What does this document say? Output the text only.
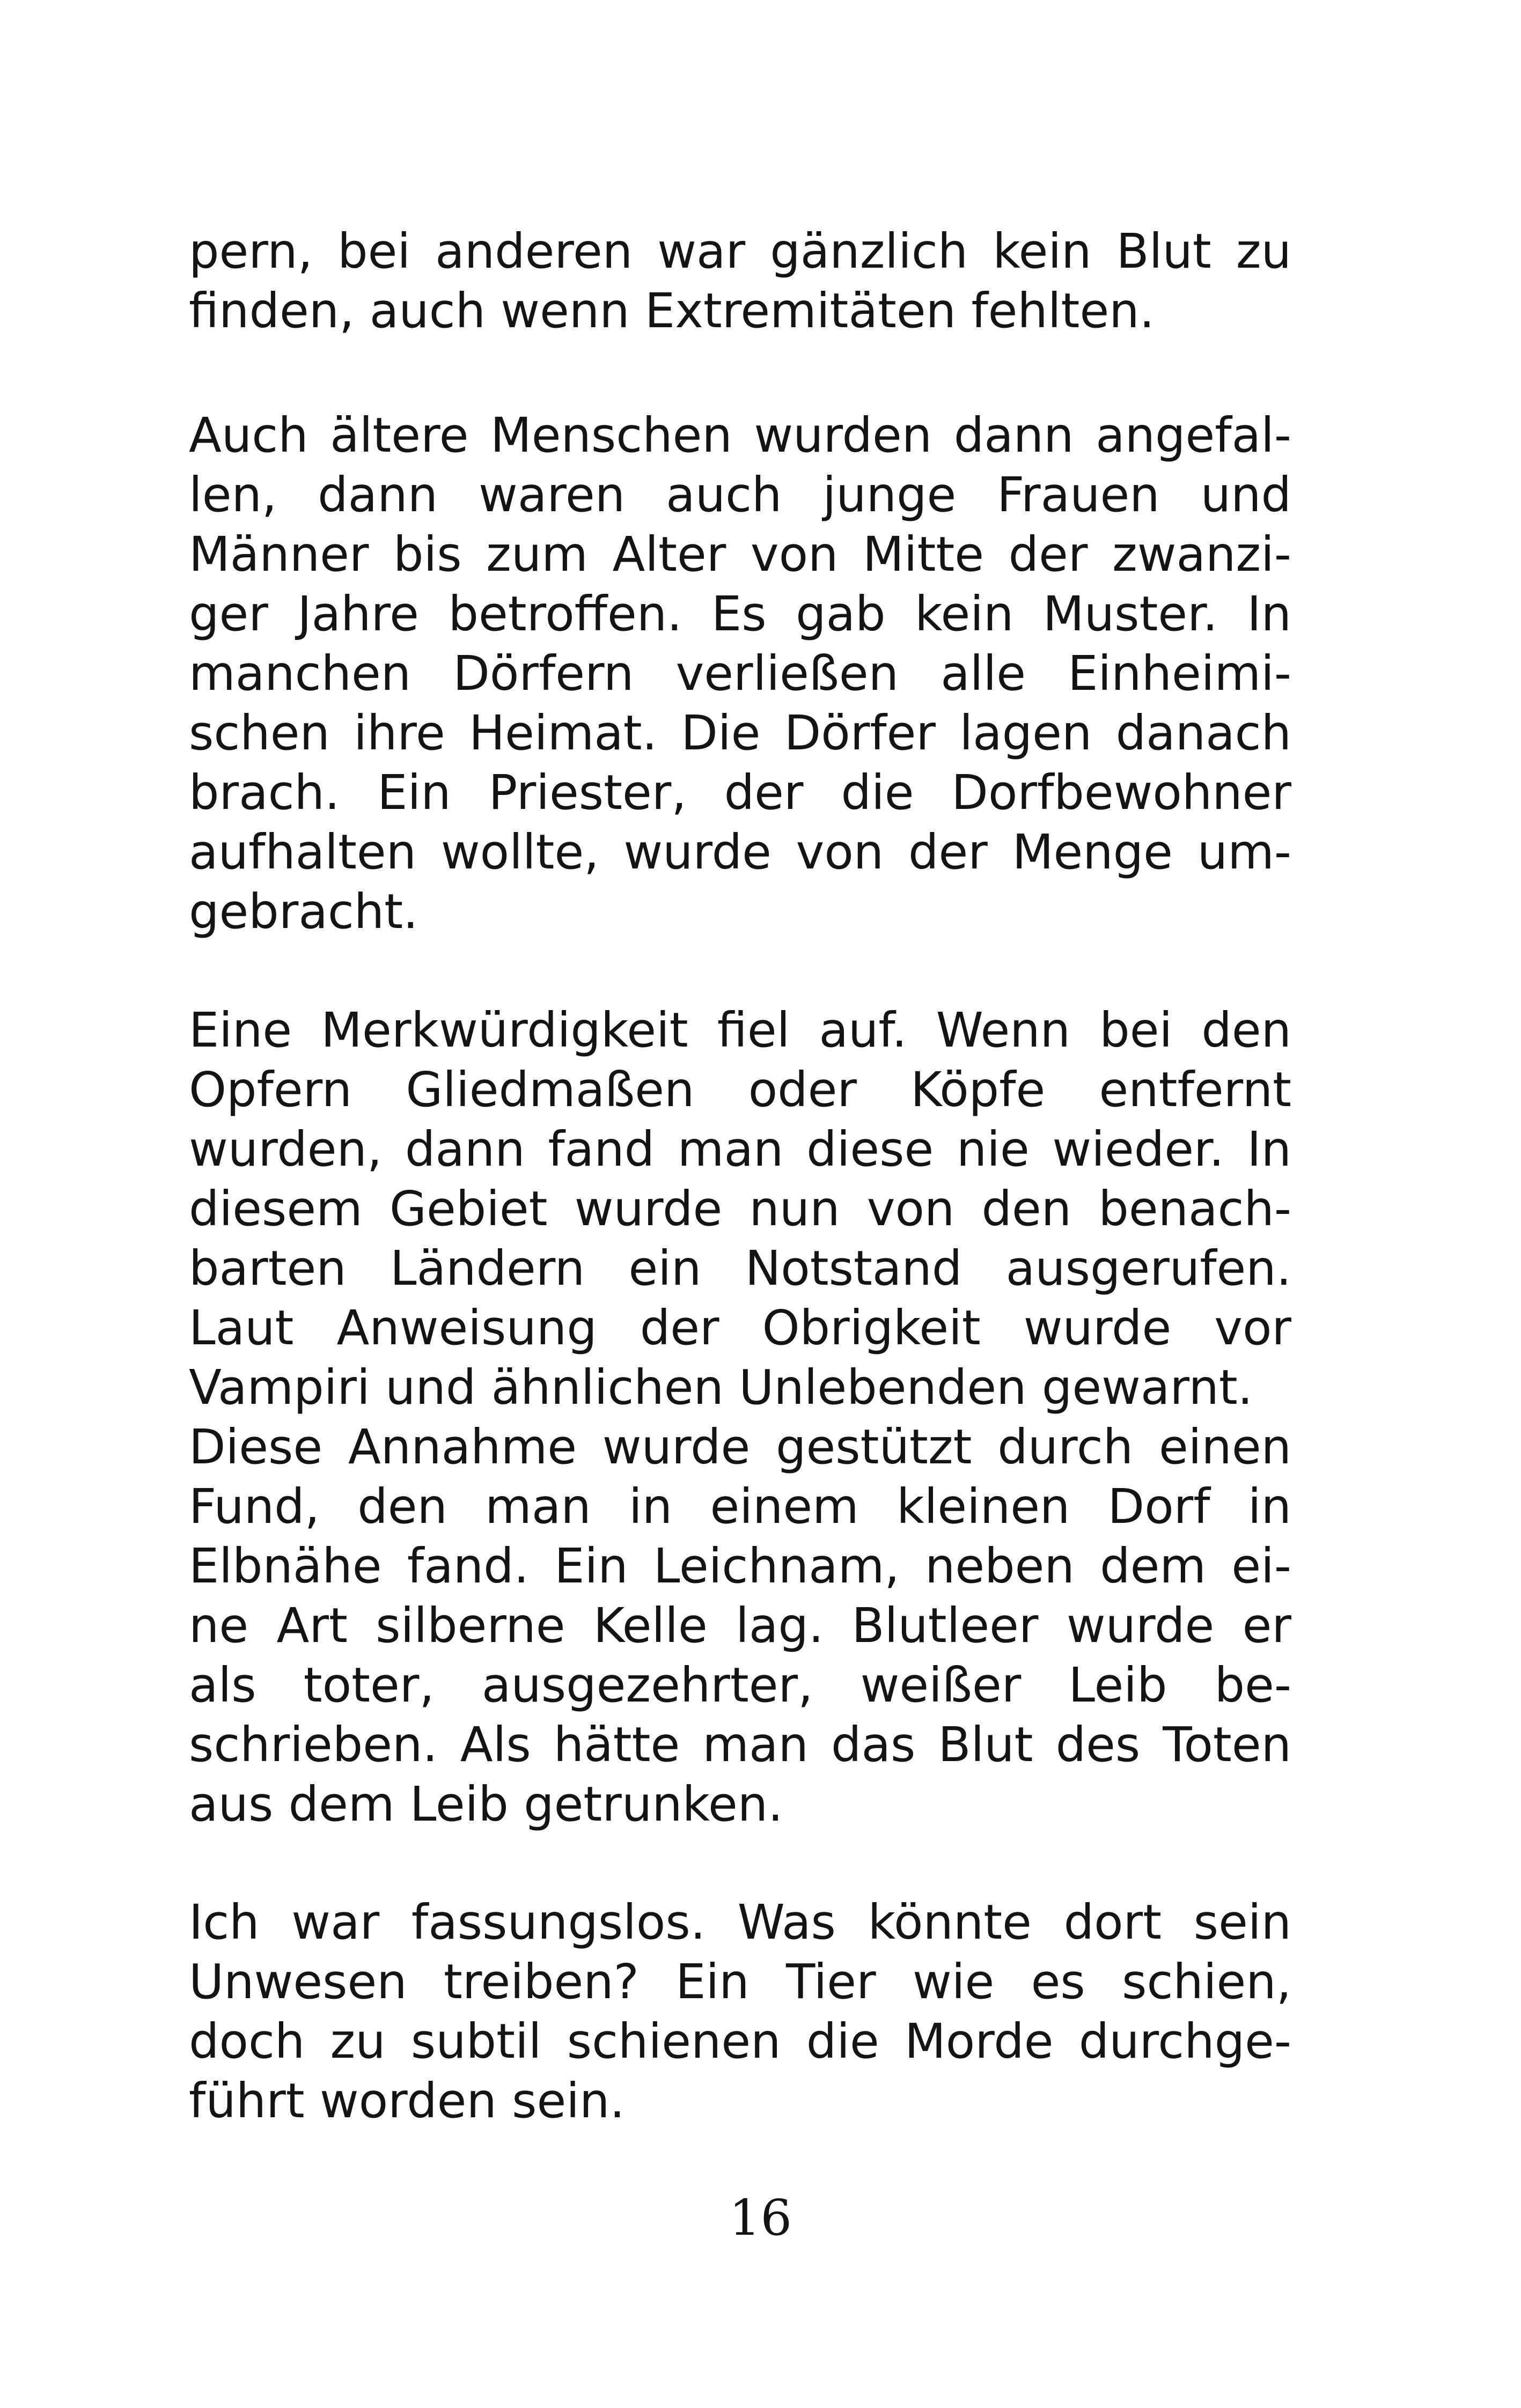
pern, bei anderen war gänzlich kein Blut zu
finden, auch wenn Extremitäten fehlten.
Auch ältere Menschen wurden dann angefal-
len, dann waren auch junge Frauen und
Männer bis zum Alter von Mitte der zwanzi-
ger Jahre betroffen. Es gab kein Muster. In
manchen Dörfern verließen alle Einheimi-
schen ihre Heimat. Die Dörfer lagen danach
brach. Ein Priester, der die Dorfbewohner
aufhalten wollte, wurde von der Menge um-
gebracht.
Eine Merkwürdigkeit fiel auf. Wenn bei den
Opfern Gliedmaßen oder Köpfe entfernt
wurden, dann fand man diese nie wieder. In
diesem Gebiet wurde nun von den benach-
barten Ländern ein Notstand ausgerufen.
Laut Anweisung der Obrigkeit wurde vor
Vampiri und ähnlichen Unlebenden gewarnt.
Diese Annahme wurde gestützt durch einen
Fund, den man in einem kleinen Dorf in
Elbnähe fand. Ein Leichnam, neben dem ei-
ne Art silberne Kelle lag. Blutleer wurde er
als toter, ausgezehrter, weißer Leib be-
schrieben. Als hätte man das Blut des Toten
aus dem Leib getrunken.
Ich war fassungslos. Was könnte dort sein
Unwesen treiben? Ein Tier wie es schien,
doch zu subtil schienen die Morde durchge-
führt worden sein.
16
